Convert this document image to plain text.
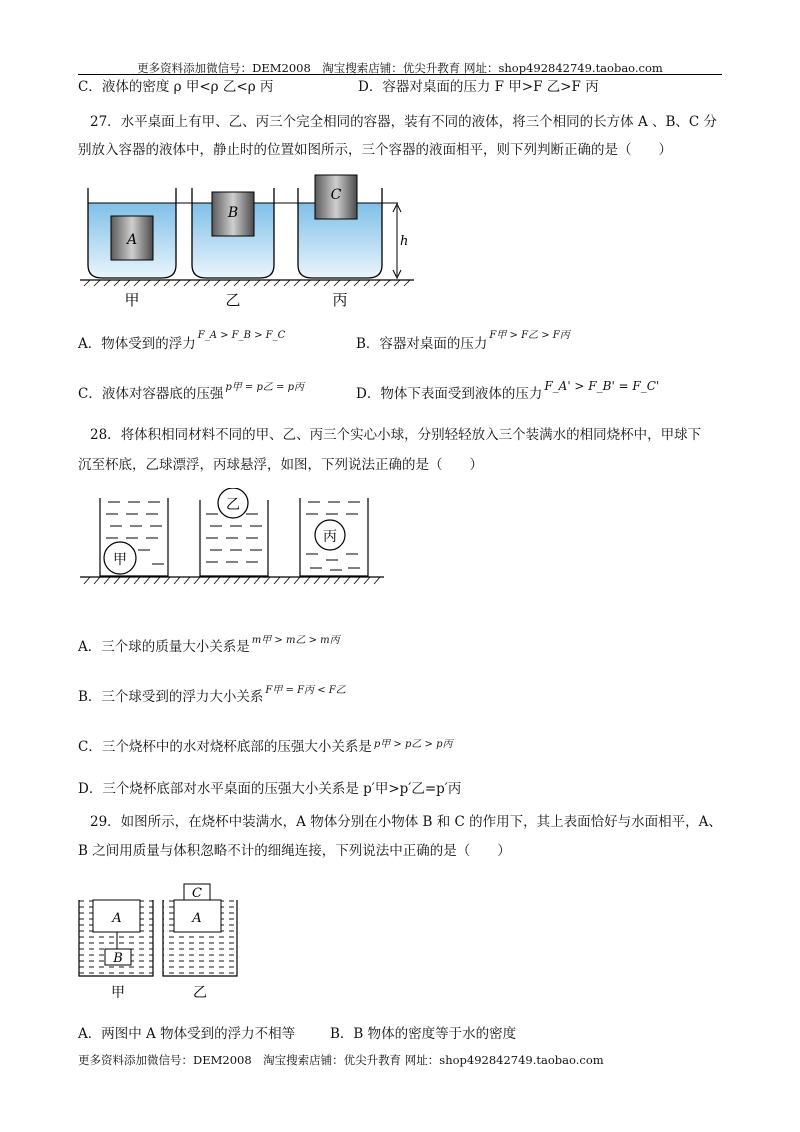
更多资料添加微信号：DEM2008　淘宝搜索店铺：优尖升教育 网址：shop492842749.taobao.com
C．液体的密度 ρ 甲<ρ 乙<ρ 丙	D．容器对桌面的压力 F 甲>F 乙>F 丙
27．水平桌面上有甲、乙、丙三个完全相同的容器，装有不同的液体，将三个相同的长方体 A 、B、C 分
别放入容器的液体中，静止时的位置如图所示，三个容器的液面相平，则下列判断正确的是（　　）
A
B
C
h
甲	乙	丙
A．物体受到的浮力$^{F\_A > F\_B > F\_C}$
B．容器对桌面的压力$^{F甲 > F乙 > F丙}$
C．液体对容器底的压强 $^{p甲 = p乙 = p丙}$	D．物体下表面受到液体的压力 F_A' > F_B' = F_C'
28．将体积相同材料不同的甲、乙、丙三个实心小球，分别轻轻放入三个装满水的相同烧杯中，甲球下
沉至杯底，乙球漂浮，丙球悬浮，如图，下列说法正确的是（　　）
甲
乙
丙
A．三个球的质量大小关系是 $^{m甲 > m乙 > m丙}$
B．三个球受到的浮力大小关系 $^{F甲 = F丙 < F乙}$
C．三个烧杯中的水对烧杯底部的压强大小关系是 $^{p甲 > p乙 > p丙}$
D．三个烧杯底部对水平桌面的压强大小关系是 p′甲>p′乙=p′丙
29．如图所示，在烧杯中装满水，A 物体分别在小物体 B 和 C 的作用下，其上表面恰好与水面相平，A、
B 之间用质量与体积忽略不计的细绳连接，下列说法中正确的是（　　）
A
B
A
C
甲	乙
A．两图中 A 物体受到的浮力不相等	B．B 物体的密度等于水的密度
更多资料添加微信号：DEM2008　淘宝搜索店铺：优尖升教育 网址：shop492842749.taobao.com
